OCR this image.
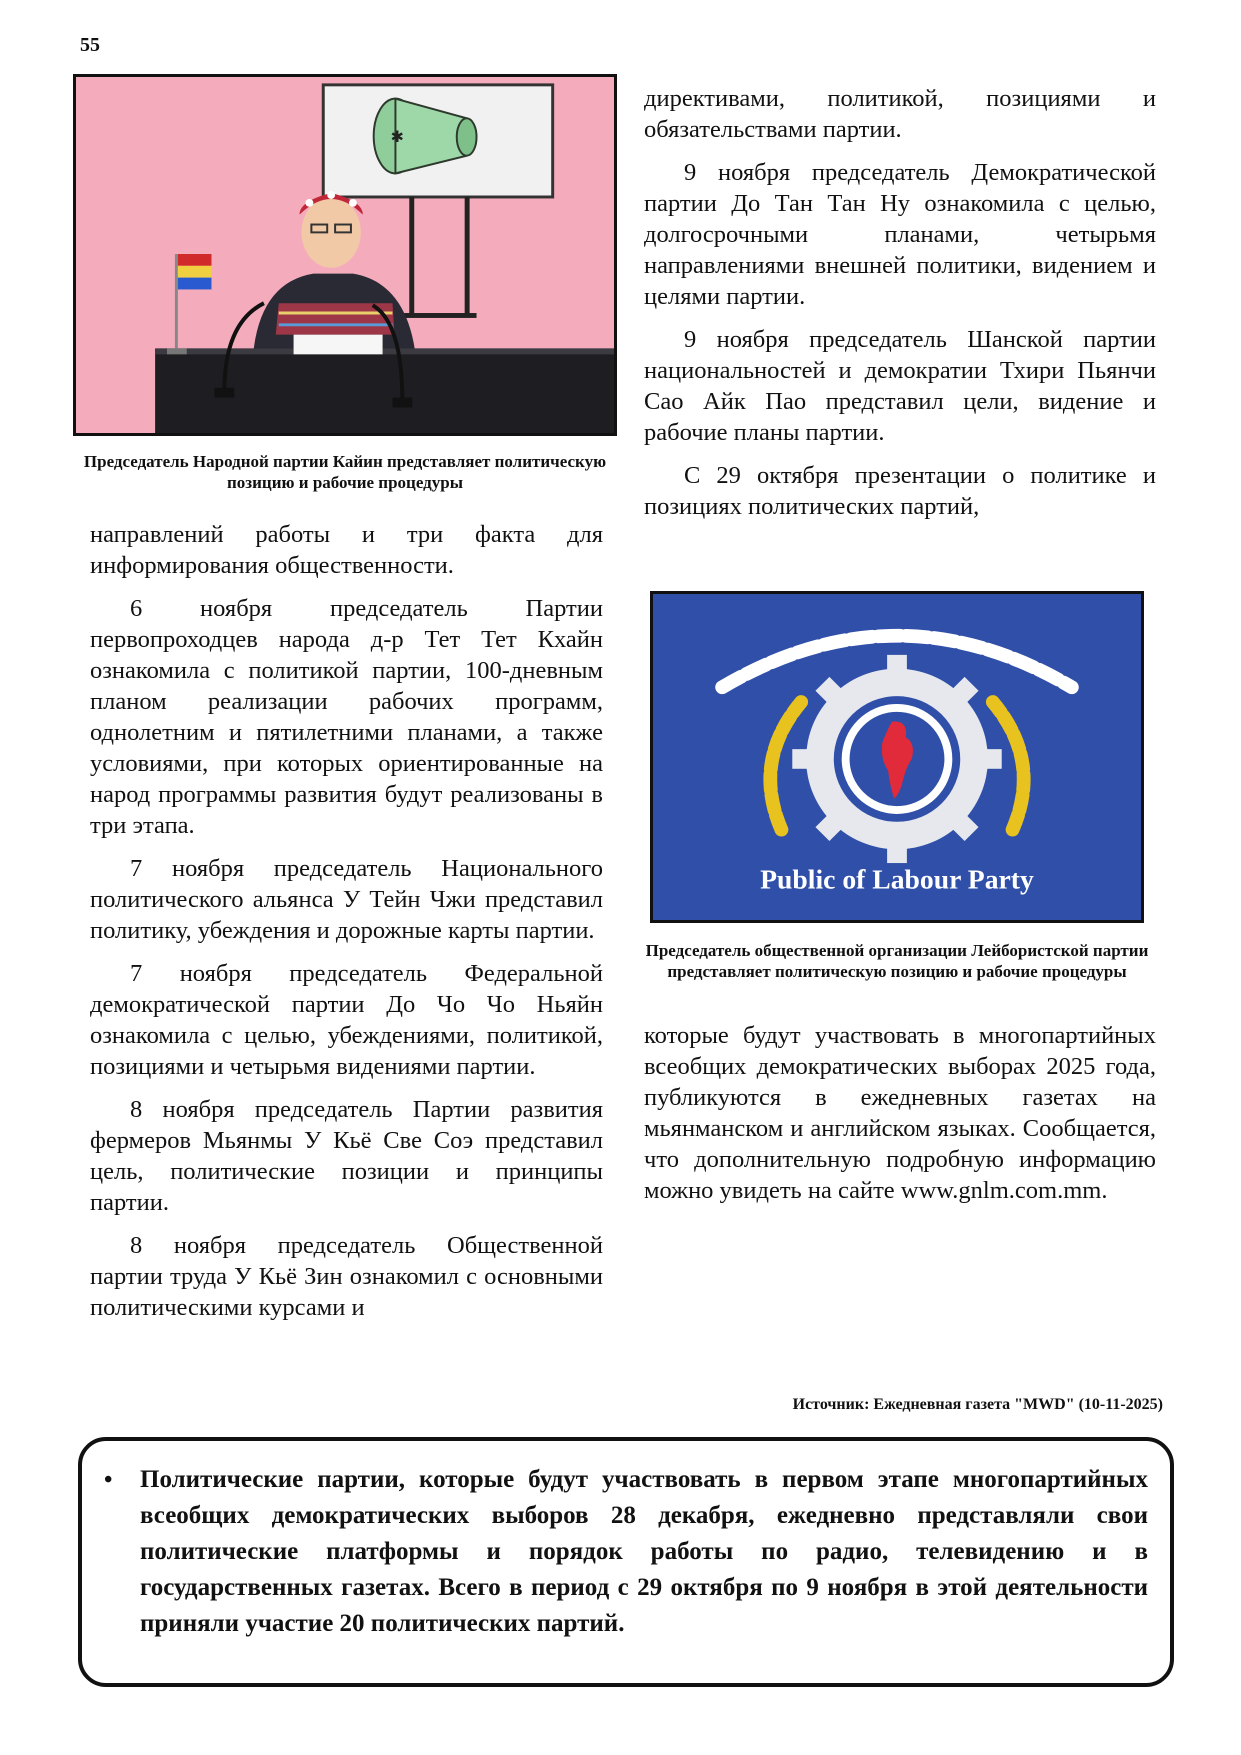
55
✱
Председатель Народной партии Кайин представляет политическую позицию и рабочие процедуры
Public of Labour Party
Председатель общественной организации Лейбористской партии представляет политическую позицию и рабочие процедуры

направлений работы и три факта для информирования общественности.

6 ноября председатель Партии первопроходцев народа д-р Тет Тет Кхайн ознакомила с политикой партии, 100-дневным планом реализации рабочих программ, однолетним и пятилетними планами, а также условиями, при которых ориентированные на народ программы развития будут реализованы в три этапа.

7 ноября председатель Национального политического альянса У Тейн Чжи представил политику, убеждения и дорожные карты партии.

7 ноября председатель Федеральной демократической партии До Чо Чо Ньяйн ознакомила с целью, убеждениями, политикой, позициями и четырьмя видениями партии.

8 ноября председатель Партии развития фермеров Мьянмы У Кьё Све Соэ представил цель, политические позиции и принципы партии.

8 ноября председатель Общественной партии труда У Кьё Зин ознакомил с основными политическими курсами и

директивами, политикой, позициями и обязательствами партии.

9 ноября председатель Демократической партии До Тан Тан Ну ознакомила с целью, долгосрочными планами, четырьмя направлениями внешней политики, видением и целями партии.

9 ноября председатель Шанской партии национальностей и демократии Тхири Пьянчи Сао Айк Пао представил цели, видение и рабочие планы партии.

С 29 октября презентации о политике и позициях политических партий,

которые будут участвовать в многопартийных всеобщих демократических выборах 2025 года, публикуются в ежедневных газетах на мьянманском и английском языках. Сообщается, что дополнительную подробную информацию можно увидеть на сайте www.gnlm.com.mm.

Источник: Ежедневная газета "MWD" (10-11-2025)
• Политические партии, которые будут участвовать в первом этапе многопартийных всеобщих демократических выборов 28 декабря, ежедневно представляли свои политические платформы и порядок работы по радио, телевидению и в государственных газетах. Всего в период с 29 октября по 9 ноября в этой деятельности приняли участие 20 политических партий.
